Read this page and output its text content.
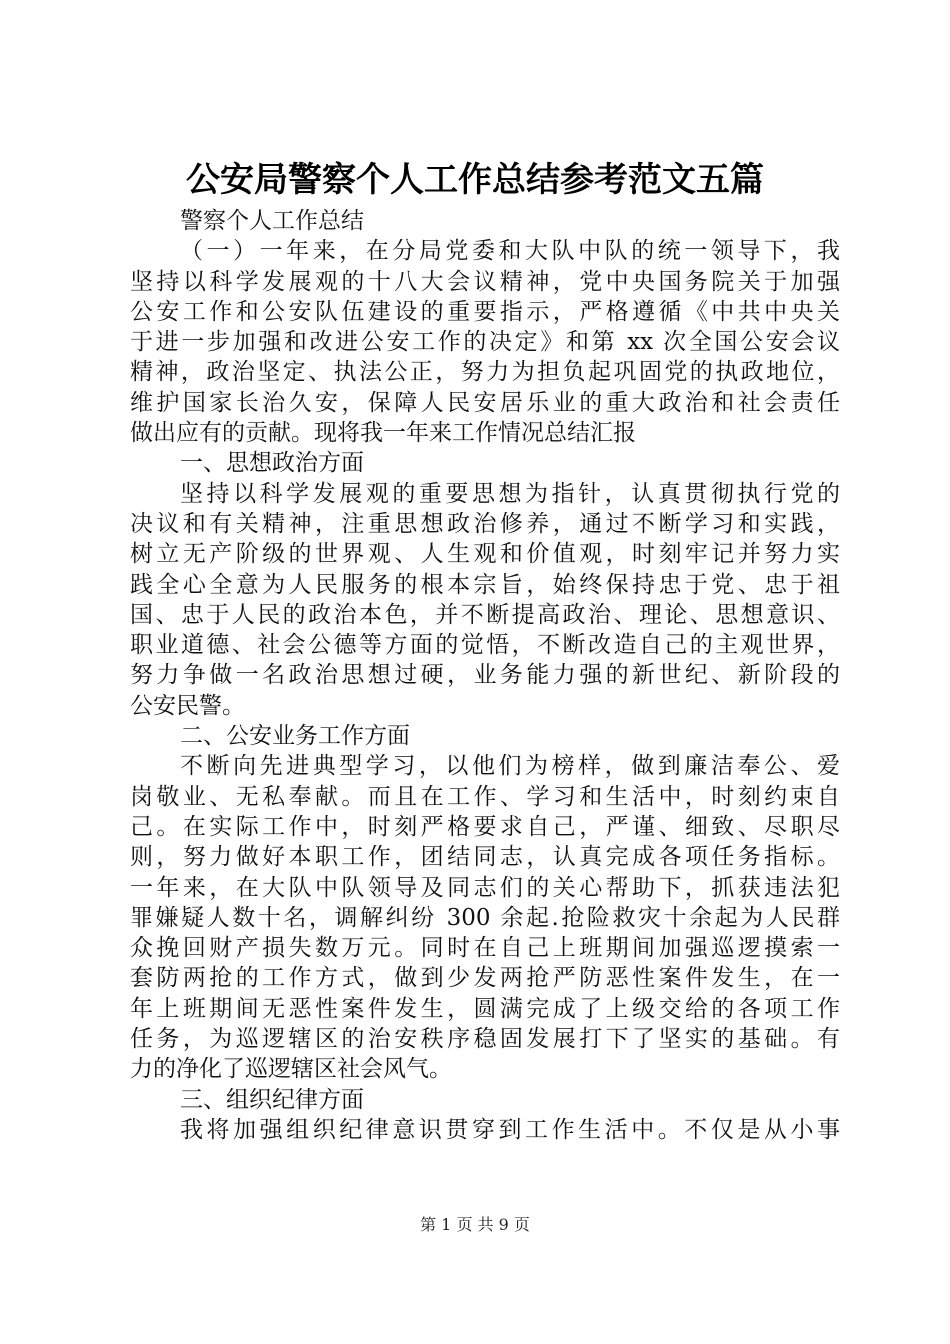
公安局警察个人工作总结参考范文五篇
警察个人工作总结
（一）一年来，在分局党委和大队中队的统一领导下，我
坚持以科学发展观的十八大会议精神，党中央国务院关于加强
公安工作和公安队伍建设的重要指示，严格遵循《中共中央关
于进一步加强和改进公安工作的决定》和第 xx 次全国公安会议
精神，政治坚定、执法公正，努力为担负起巩固党的执政地位，
维护国家长治久安，保障人民安居乐业的重大政治和社会责任
做出应有的贡献。现将我一年来工作情况总结汇报
一、思想政治方面
坚持以科学发展观的重要思想为指针，认真贯彻执行党的
决议和有关精神，注重思想政治修养，通过不断学习和实践，
树立无产阶级的世界观、人生观和价值观，时刻牢记并努力实
践全心全意为人民服务的根本宗旨，始终保持忠于党、忠于祖
国、忠于人民的政治本色，并不断提高政治、理论、思想意识、
职业道德、社会公德等方面的觉悟，不断改造自己的主观世界，
努力争做一名政治思想过硬，业务能力强的新世纪、新阶段的
公安民警。
二、公安业务工作方面
不断向先进典型学习，以他们为榜样，做到廉洁奉公、爱
岗敬业、无私奉献。而且在工作、学习和生活中，时刻约束自
己。在实际工作中，时刻严格要求自己，严谨、细致、尽职尽
则，努力做好本职工作，团结同志，认真完成各项任务指标。
一年来，在大队中队领导及同志们的关心帮助下，抓获违法犯
罪嫌疑人数十名，调解纠纷 300 余起.抢险救灾十余起为人民群
众挽回财产损失数万元。同时在自己上班期间加强巡逻摸索一
套防两抢的工作方式，做到少发两抢严防恶性案件发生，在一
年上班期间无恶性案件发生，圆满完成了上级交给的各项工作
任务，为巡逻辖区的治安秩序稳固发展打下了坚实的基础。有
力的净化了巡逻辖区社会风气。
三、组织纪律方面
我将加强组织纪律意识贯穿到工作生活中。不仅是从小事
第 1 页 共 9 页
